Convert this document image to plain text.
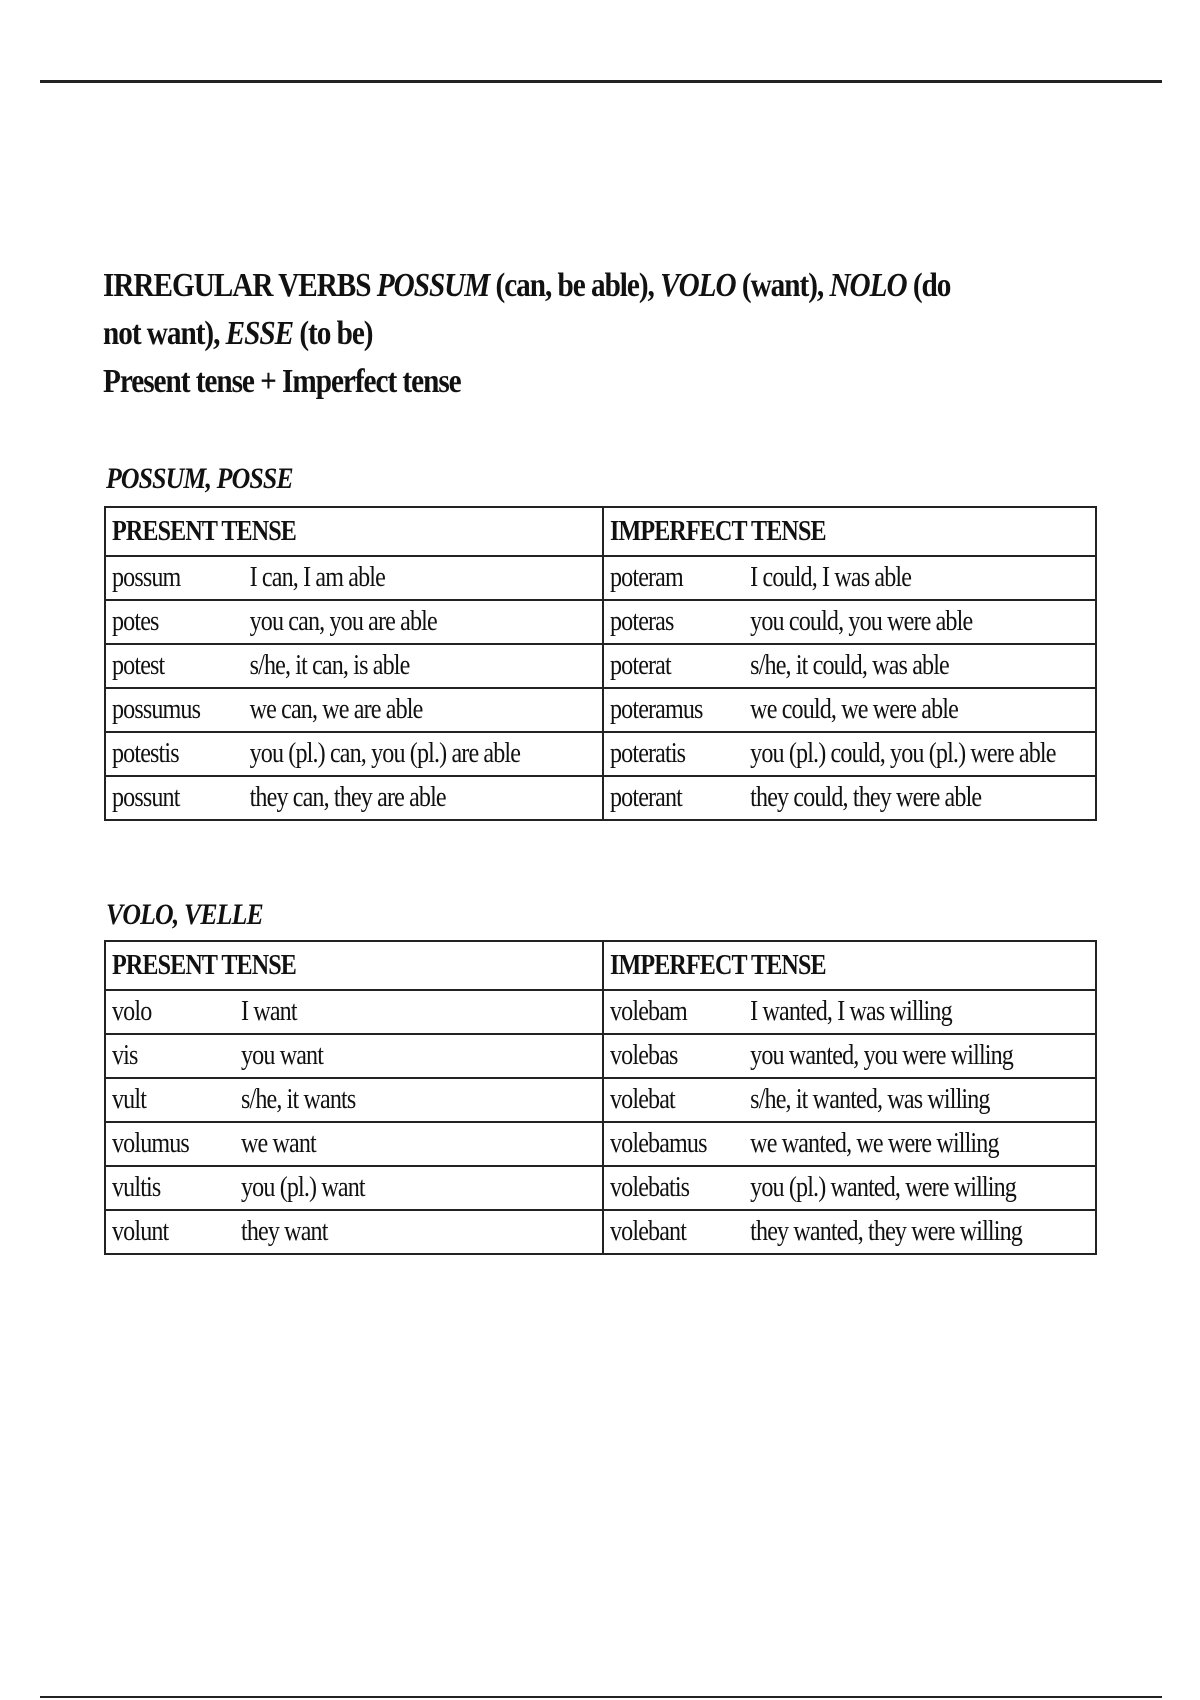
IRREGULAR VERBS POSSUM (can, be able), VOLO (want), NOLO (do not want), ESSE (to be)
Present tense + Imperfect tense
POSSUM, POSSE
PRESENT TENSE	IMPERFECT TENSE

possum I can, I am able	poteram I could, I was able

potes you can, you are able	poteras you could, you were able

potest s/he, it can, is able	poterat s/he, it could, was able

possumus we can, we are able	poteramus we could, we were able

potestis you (pl.) can, you (pl.) are able	poteratis you (pl.) could, you (pl.) were able

possunt they can, they are able	poterant they could, they were able
VOLO, VELLE
PRESENT TENSE	IMPERFECT TENSE

volo I want	volebam I wanted, I was willing

vis you want	volebas you wanted, you were willing

vult s/he, it wants	volebat s/he, it wanted, was willing

volumus we want	volebamus we wanted, we were willing

vultis you (pl.) want	volebatis you (pl.) wanted, were willing

volunt they want	volebant they wanted, they were willing
